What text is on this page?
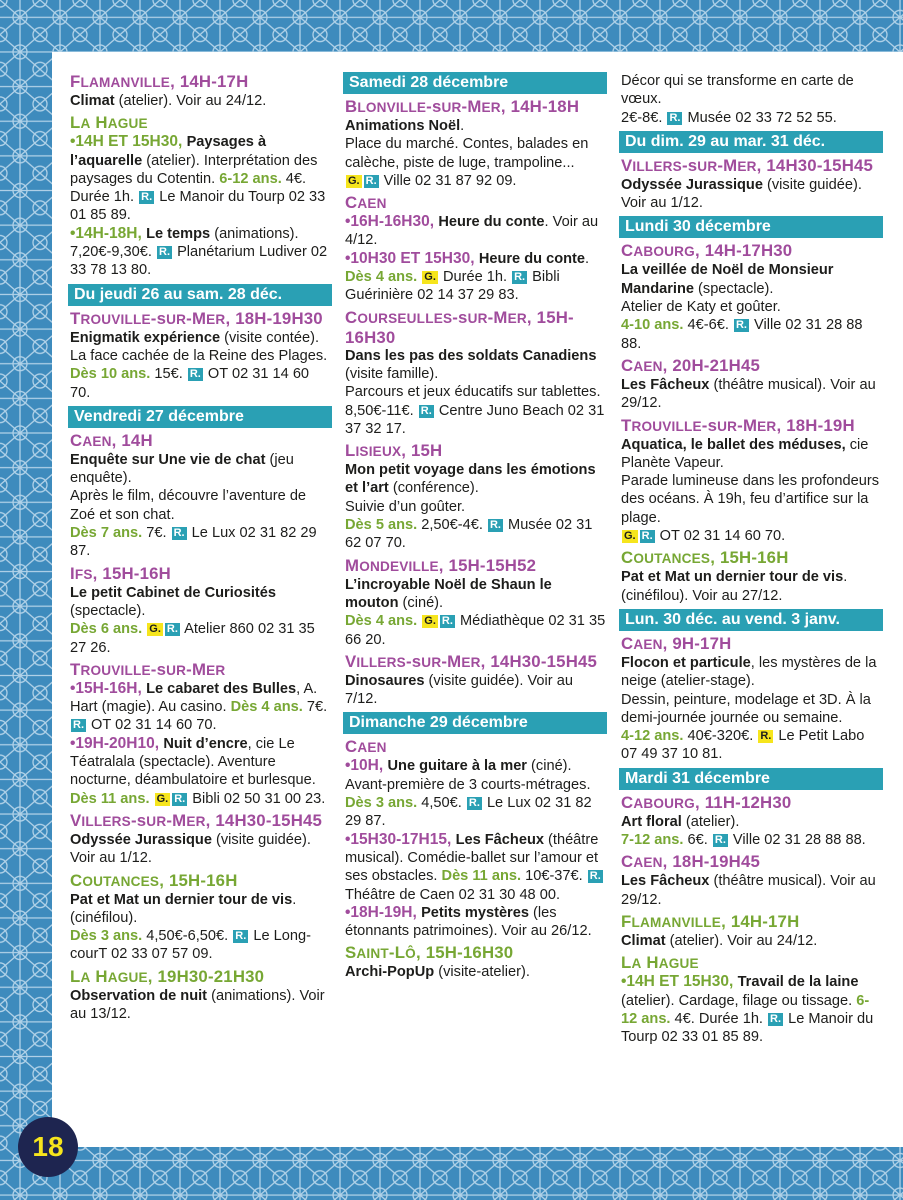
FLAMANVILLE, 14H-17H

Climat (atelier). Voir au 24/12.

LA HAGUE

•14H ET 15H30, Paysages à l’aquarelle (atelier). Interprétation des paysages du Cotentin. 6-12 ans. 4€. Durée 1h. R. Le Manoir du Tourp 02 33 01 85 89.

•14H-18H, Le temps (animations). 7,20€-9,30€. R. Planétarium Ludiver 02 33 78 13 80.

Du jeudi 26 au sam. 28 déc.
TROUVILLE-sUR-MER, 18H-19H30

Enigmatik expérience (visite contée). La face cachée de la Reine des Plages.

Dès 10 ans. 15€. R. OT 02 31 14 60 70.

Vendredi 27 décembre
CAEN, 14H

Enquête sur Une vie de chat (jeu enquête).

Après le film, découvre l’aventure de Zoé et son chat.

Dès 7 ans. 7€. R. Le Lux 02 31 82 29 87.

IFS, 15H-16H

Le petit Cabinet de Curiosités (spectacle).

Dès 6 ans. G. R. Atelier 860 02 31 35 27 26.

TROUVILLE-sUR-MER

•15H-16H, Le cabaret des Bulles, A. Hart (magie). Au casino. Dès 4 ans. 7€. R. OT 02 31 14 60 70.

•19H-20H10, Nuit d’encre, cie Le Téatralala (spectacle). Aventure nocturne, déambulatoire et burlesque. Dès 11 ans. G. R. Bibli 02 50 31 00 23.

VILLERS-sUR-MER, 14H30-15H45

Odyssée Jurassique (visite guidée). Voir au 1/12.

COUTANCES, 15H-16H

Pat et Mat un dernier tour de vis. (cinéfilou).

Dès 3 ans. 4,50€-6,50€. R. Le Long-courT 02 33 07 57 09.

LA HAGUE, 19H30-21H30

Observation de nuit (animations). Voir au 13/12.

Samedi 28 décembre
BLONVILLE-sUR-MER, 14H-18H

Animations Noël.

Place du marché. Contes, balades en calèche, piste de luge, trampoline...

G. R. Ville 02 31 87 92 09.

CAEN

•16H-16H30, Heure du conte. Voir au 4/12.

•10H30 ET 15H30, Heure du conte. Dès 4 ans. G. Durée 1h. R. Bibli Guérinière 02 14 37 29 83.

COURSEULLES-sUR-MER, 15H-16H30

Dans les pas des soldats Canadiens (visite famille).

Parcours et jeux éducatifs sur tablettes.

8,50€-11€. R. Centre Juno Beach 02 31 37 32 17.

LISIEUX, 15H

Mon petit voyage dans les émotions et l’art (conférence).

Suivie d’un goûter.

Dès 5 ans. 2,50€-4€. R. Musée 02 31 62 07 70.

MONDEVILLE, 15H-15H52

L’incroyable Noël de Shaun le mouton (ciné).

Dès 4 ans. G. R. Médiathèque 02 31 35 66 20.

VILLERS-sUR-MER, 14H30-15H45

Dinosaures (visite guidée). Voir au 7/12.

Dimanche 29 décembre
CAEN

•10H, Une guitare à la mer (ciné). Avant-première de 3 courts-métrages. Dès 3 ans. 4,50€. R. Le Lux 02 31 82 29 87.

•15H30-17H15, Les Fâcheux (théâtre musical). Comédie-ballet sur l’amour et ses obstacles. Dès 11 ans. 10€-37€. R. Théâtre de Caen 02 31 30 48 00.

•18H-19H, Petits mystères (les étonnants patrimoines). Voir au 26/12.

SAINT-LÔ, 15H-16H30

Archi-PopUp (visite-atelier).

Décor qui se transforme en carte de vœux.

2€-8€. R. Musée 02 33 72 52 55.

Du dim. 29 au mar. 31 déc.
VILLERS-sUR-MER, 14H30-15H45

Odyssée Jurassique (visite guidée). Voir au 1/12.

Lundi 30 décembre
CABOURG, 14H-17H30

La veillée de Noël de Monsieur Mandarine (spectacle).

Atelier de Katy et goûter.

4-10 ans. 4€-6€. R. Ville 02 31 28 88 88.

CAEN, 20H-21H45

Les Fâcheux (théâtre musical). Voir au 29/12.

TROUVILLE-sUR-MER, 18H-19H

Aquatica, le ballet des méduses, cie Planète Vapeur.

Parade lumineuse dans les profondeurs des océans. À 19h, feu d’artifice sur la plage.

G. R. OT 02 31 14 60 70.

COUTANCES, 15H-16H

Pat et Mat un dernier tour de vis. (cinéfilou). Voir au 27/12.

Lun. 30 déc. au vend. 3 janv.
CAEN, 9H-17H

Flocon et particule, les mystères de la neige (atelier-stage).

Dessin, peinture, modelage et 3D. À la demi-journée journée ou semaine.

4-12 ans. 40€-320€. R. Le Petit Labo 07 49 37 10 81.

Mardi 31 décembre
CABOURG, 11H-12H30

Art floral (atelier).

7-12 ans. 6€. R. Ville 02 31 28 88 88.

CAEN, 18H-19H45

Les Fâcheux (théâtre musical). Voir au 29/12.

FLAMANVILLE, 14H-17H

Climat (atelier). Voir au 24/12.

LA HAGUE

•14H ET 15H30, Travail de la laine (atelier). Cardage, filage ou tissage. 6-12 ans. 4€. Durée 1h. R. Le Manoir du Tourp 02 33 01 85 89.

18
